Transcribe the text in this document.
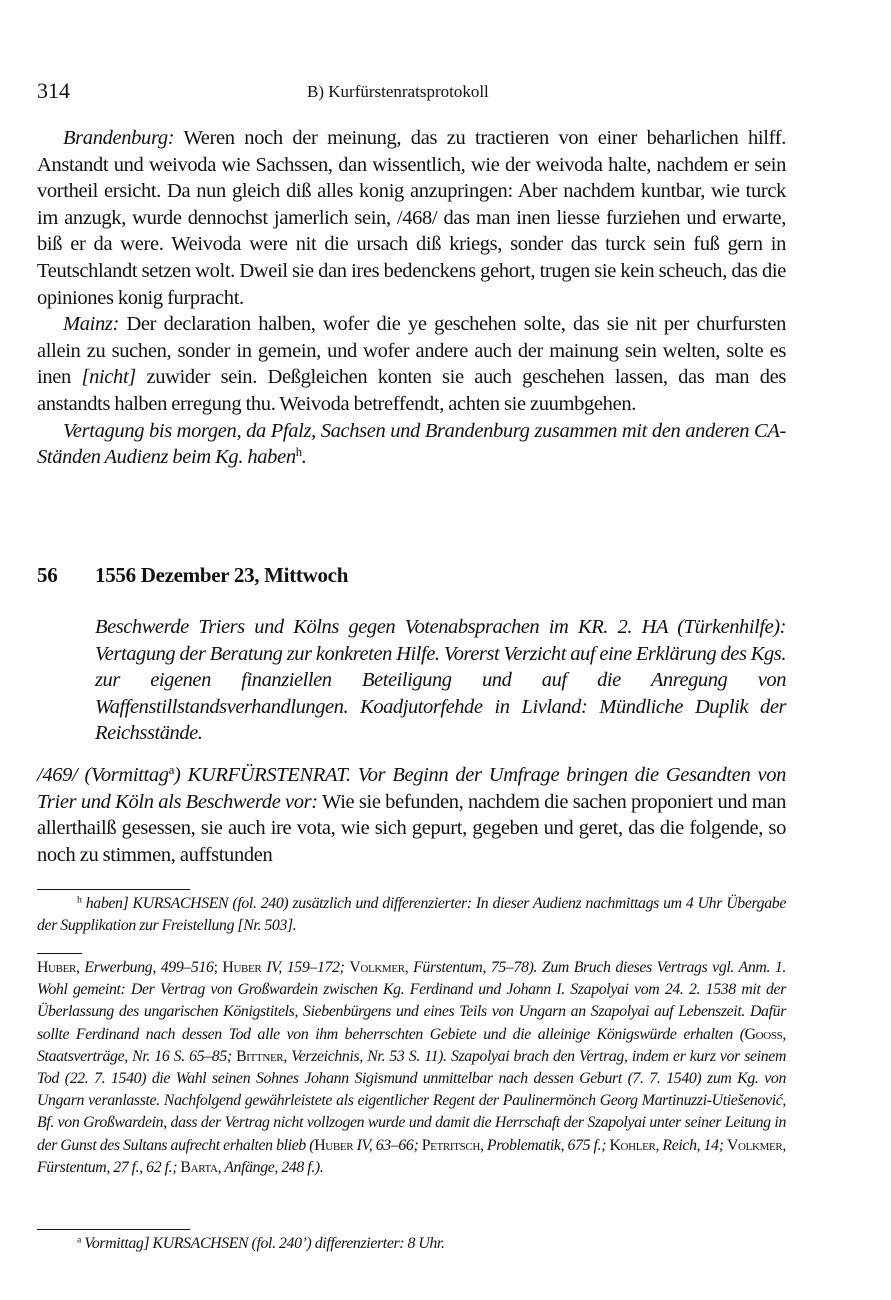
314	B) Kurfürstenratsprotokoll

Brandenburg: Weren noch der meinung, das zu tractieren von einer beharlichen hilff. Anstandt und weivoda wie Sachssen, dan wissentlich, wie der weivoda halte, nachdem er sein vortheil ersicht. Da nun gleich diß alles konig anzupringen: Aber nachdem kuntbar, wie turck im anzugk, wurde dennochst jamerlich sein, /468/ das man inen liesse furziehen und erwarte, biß er da were. Weivoda were nit die ursach diß kriegs, sonder das turck sein fuß gern in Teutschlandt setzen wolt. Dweil sie dan ires bedenckens gehort, trugen sie kein scheuch, das die opiniones konig furpracht.

Mainz: Der declaration halben, wofer die ye geschehen solte, das sie nit per churfursten allein zu suchen, sonder in gemein, und wofer andere auch der mainung sein welten, solte es inen [nicht] zuwider sein. Deßgleichen konten sie auch geschehen lassen, das man des anstandts halben erregung thu. Weivoda betreffendt, achten sie zuumbgehen.

Vertagung bis morgen, da Pfalz, Sachsen und Brandenburg zusammen mit den anderen CA-Ständen Audienz beim Kg. haben$^h$.

56 1556 Dezember 23, Mittwoch
Beschwerde Triers und Kölns gegen Votenabsprachen im KR. 2. HA (Türkenhilfe): Vertagung der Beratung zur konkreten Hilfe. Vorerst Verzicht auf eine Erklärung des Kgs. zur eigenen finanziellen Beteiligung und auf die Anregung von Waffenstillstandsverhandlungen. Koadjutorfehde in Livland: Mündliche Duplik der Reichsstände.

/469/ (Vormittag$^a$) KURFÜRSTENRAT. Vor Beginn der Umfrage bringen die Gesandten von Trier und Köln als Beschwerde vor: Wie sie befunden, nachdem die sachen proponiert und man allerthailß gesessen, sie auch ire vota, wie sich gepurt, gegeben und geret, das die folgende, so noch zu stimmen, auffstunden

$^h$ haben] KURSACHSEN (fol. 240) zusätzlich und differenzierter: In dieser Audienz nachmittags um 4 Uhr Übergabe der Supplikation zur Freistellung [Nr. 503].

Huber, Erwerbung, 499–516; Huber IV, 159–172; Volkmer, Fürstentum, 75–78). Zum Bruch dieses Vertrags vgl. Anm. 1. Wohl gemeint: Der Vertrag von Großwardein zwischen Kg. Ferdinand und Johann I. Szapolyai vom 24. 2. 1538 mit der Überlassung des ungarischen Königstitels, Siebenbürgens und eines Teils von Ungarn an Szapolyai auf Lebenszeit. Dafür sollte Ferdinand nach dessen Tod alle von ihm beherrschten Gebiete und die alleinige Königswürde erhalten (Gooss, Staatsverträge, Nr. 16 S. 65–85; Bittner, Verzeichnis, Nr. 53 S. 11). Szapolyai brach den Vertrag, indem er kurz vor seinem Tod (22. 7. 1540) die Wahl seinen Sohnes Johann Sigismund unmittelbar nach dessen Geburt (7. 7. 1540) zum Kg. von Ungarn veranlasste. Nachfolgend gewährleistete als eigentlicher Regent der Paulinermönch Georg Martinuzzi-Utiešenović, Bf. von Großwardein, dass der Vertrag nicht vollzogen wurde und damit die Herrschaft der Szapolyai unter seiner Leitung in der Gunst des Sultans aufrecht erhalten blieb (Huber IV, 63–66; Petritsch, Problematik, 675 f.; Kohler, Reich, 14; Volkmer, Fürstentum, 27 f., 62 f.; Barta, Anfänge, 248 f.).

$^a$ Vormittag] KURSACHSEN (fol. 240’) differenzierter: 8 Uhr.
